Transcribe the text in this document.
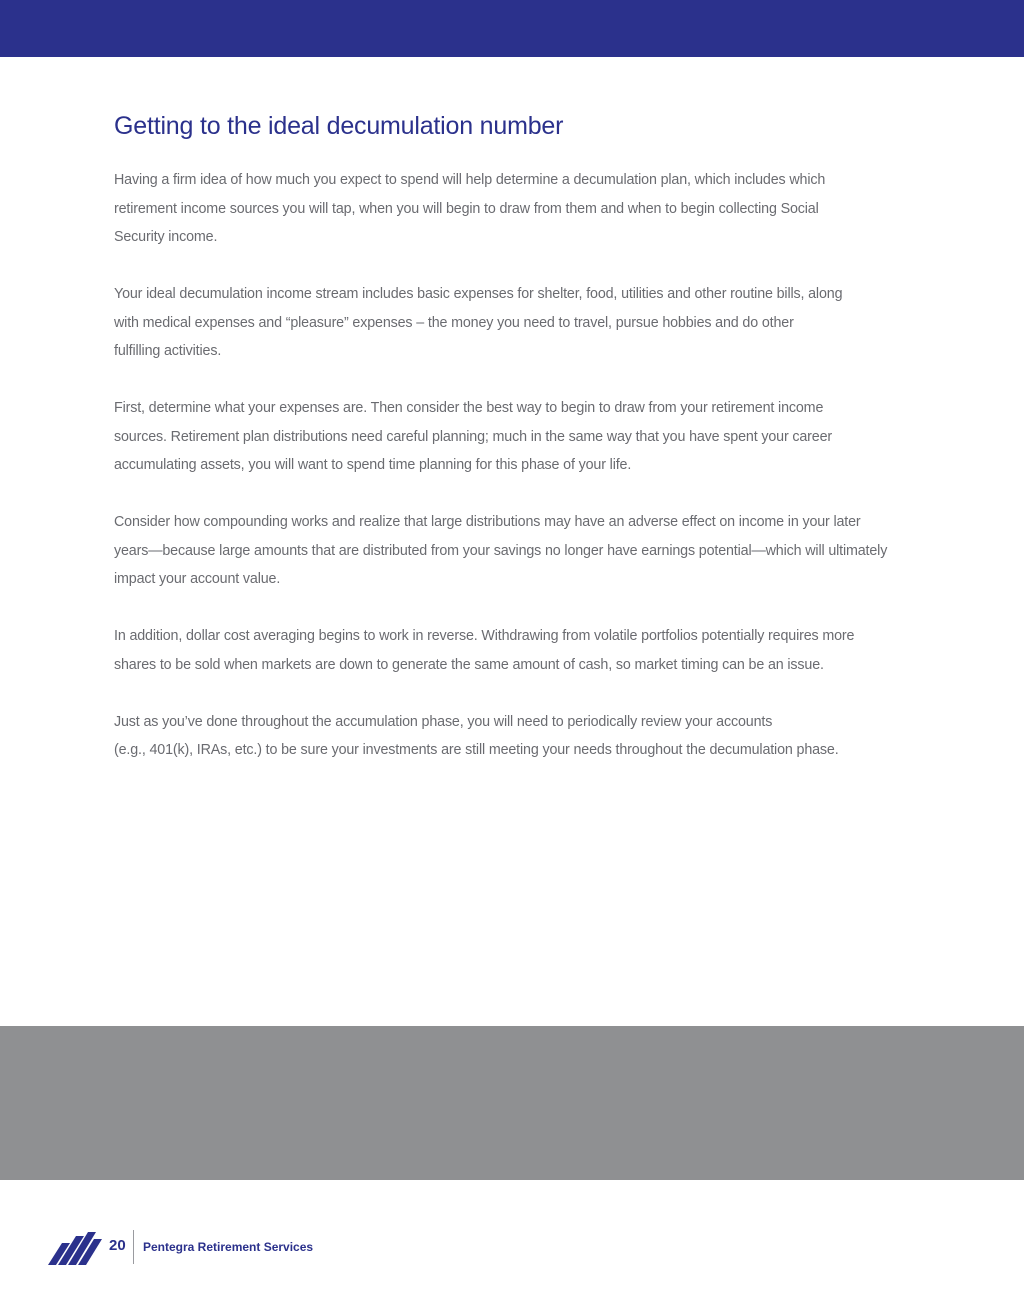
Getting to the ideal decumulation number

Having a firm idea of how much you expect to spend will help determine a decumulation plan, which includes which
retirement income sources you will tap, when you will begin to draw from them and when to begin collecting Social
Security income.

Your ideal decumulation income stream includes basic expenses for shelter, food, utilities and other routine bills, along
with medical expenses and “pleasure” expenses – the money you need to travel, pursue hobbies and do other
fulfilling activities.

First, determine what your expenses are. Then consider the best way to begin to draw from your retirement income
sources. Retirement plan distributions need careful planning; much in the same way that you have spent your career
accumulating assets, you will want to spend time planning for this phase of your life.

Consider how compounding works and realize that large distributions may have an adverse effect on income in your later
years—because large amounts that are distributed from your savings no longer have earnings potential—which will ultimately
impact your account value.

In addition, dollar cost averaging begins to work in reverse. Withdrawing from volatile portfolios potentially requires more
shares to be sold when markets are down to generate the same amount of cash, so market timing can be an issue.

Just as you’ve done throughout the accumulation phase, you will need to periodically review your accounts
(e.g., 401(k), IRAs, etc.) to be sure your investments are still meeting your needs throughout the decumulation phase.

20 Pentegra Retirement Services
